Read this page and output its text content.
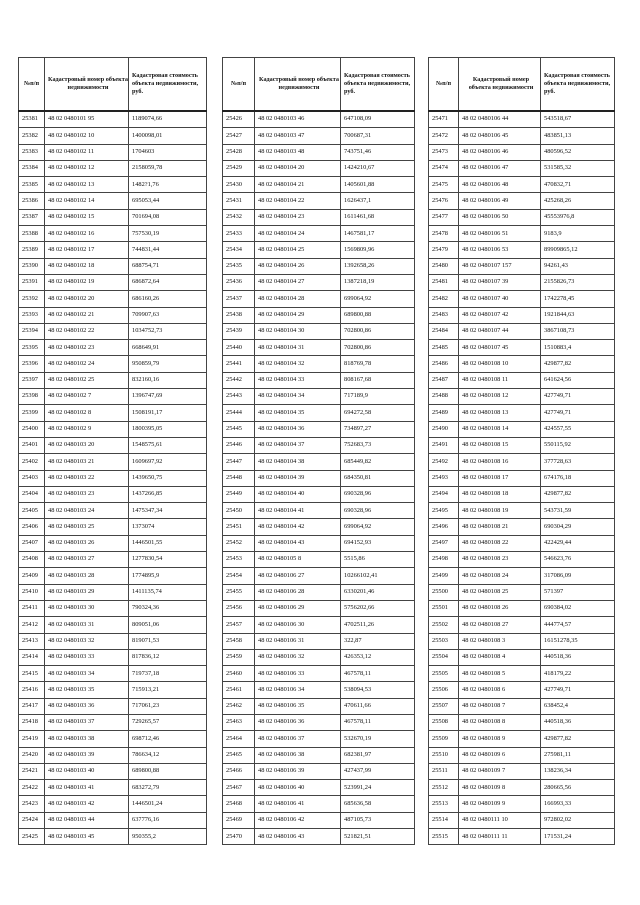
№п/п	Кадастровый номер объекта недвижимости	Кадастровая стоимость объекта недвижимости, руб.
25381	48 02 0480101 95	1189074,66
25382	48 02 0480102 10	1400098,01
25383	48 02 0480102 11	1704603
25384	48 02 0480102 12	2158059,78
25385	48 02 0480102 13	1482?1,76
25386	48 02 0480102 14	695053,44
25387	48 02 0480102 15	701694,08
25388	48 02 0480102 16	757530,19
25389	48 02 0480102 17	744831,44
25390	48 02 0480102 18	688754,71
25391	48 02 0480102 19	686872,64
25392	48 02 0480102 20	686160,26
25393	48 02 0480102 21	709907,63
25394	48 02 0480102 22	1034752,73
25395	48 02 0480102 23	668649,91
25396	48 02 0480102 24	950859,79
25397	48 02 0480102 25	832160,16
25398	48 02 0480102 7	1396747,69
25399	48 02 0480102 8	1508191,17
25400	48 02 0480102 9	1800395,05
25401	48 02 0480103 20	1548575,61
25402	48 02 0480103 21	1609697,92
25403	48 02 0480103 22	1439650,75
25404	48 02 0480103 23	1437266,85
25405	48 02 0480103 24	1475347,34
25406	48 02 0480103 25	1373074
25407	48 02 0480103 26	1446501,55
25408	48 02 0480103 27	1277830,54
25409	48 02 0480103 28	1774895,9
25410	48 02 0480103 29	1411135,74
25411	48 02 0480103 30	790324,36
25412	48 02 0480103 31	809051,06
25413	48 02 0480103 32	819071,53
25414	48 02 0480103 33	817836,12
25415	48 02 0480103 34	719737,18
25416	48 02 0480103 35	715913,21
25417	48 02 0480103 36	717061,23
25418	48 02 0480103 37	729265,57
25419	48 02 0480103 38	698712,46
25420	48 02 0480103 39	786634,12
25421	48 02 0480103 40	689800,88
25422	48 02 0480103 41	683272,79
25423	48 02 0480103 42	1446501,24
25424	48 02 0480103 44	637776,16
25425	48 02 0480103 45	950355,2
№п/п	Кадастровый номер объекта недвижимости	Кадастровая стоимость объекта недвижимости, руб.
25426	48 02 0480103 46	647108,09
25427	48 02 0480103 47	700687,31
25428	48 02 0480103 48	743751,46
25429	48 02 0480104 20	1424210,67
25430	48 02 0480104 21	1405601,88
25431	48 02 0480104 22	1626437,1
25432	48 02 0480104 23	1611461,68
25433	48 02 0480104 24	1467581,17
25434	48 02 0480104 25	1569809,96
25435	48 02 0480104 26	1392658,26
25436	48 02 0480104 27	1387218,19
25437	48 02 0480104 28	699064,92
25438	48 02 0480104 29	689800,88
25439	48 02 0480104 30	702800,86
25440	48 02 0480104 31	702800,86
25441	48 02 0480104 32	818769,78
25442	48 02 0480104 33	808167,68
25443	48 02 0480104 34	717189,9
25444	48 02 0480104 35	694272,58
25445	48 02 0480104 36	734897,27
25446	48 02 0480104 37	752683,73
25447	48 02 0480104 38	685449,82
25448	48 02 0480104 39	684350,81
25449	48 02 0480104 40	690328,96
25450	48 02 0480104 41	690328,96
25451	48 02 0480104 42	699064,92
25452	48 02 0480104 43	694152,93
25453	48 02 0480105 8	5515,86
25454	48 02 0480106 27	10266102,41
25455	48 02 0480106 28	6330201,46
25456	48 02 0480106 29	5756202,66
25457	48 02 0480106 30	4702511,26
25458	48 02 0480106 31	322,87
25459	48 02 0480106 32	426353,12
25460	48 02 0480106 33	467578,11
25461	48 02 0480106 34	538094,53
25462	48 02 0480106 35	470611,66
25463	48 02 0480106 36	467578,11
25464	48 02 0480106 37	532670,19
25465	48 02 0480106 38	682381,97
25466	48 02 0480106 39	427437,99
25467	48 02 0480106 40	523991,24
25468	48 02 0480106 41	685636,58
25469	48 02 0480106 42	487105,73
25470	48 02 0480106 43	521821,51
№п/п	Кадастровый номер объекта недвижимости	Кадастровая стоимость объекта недвижимости, руб.
25471	48 02 0480106 44	543518,67
25472	48 02 0480106 45	483851,13
25473	48 02 0480106 46	480596,52
25474	48 02 0480106 47	531585,32
25475	48 02 0480106 48	470832,71
25476	48 02 0480106 49	425268,26
25477	48 02 0480106 50	45553976,8
25478	48 02 0480106 51	9183,9
25479	48 02 0480106 53	89909865,12
25480	48 02 0480107 157	94261,43
25481	48 02 0480107 39	2155826,73
25482	48 02 0480107 40	1742278,45
25483	48 02 0480107 42	1921844,63
25484	48 02 0480107 44	3867108,73
25485	48 02 0480107 45	1510883,4
25486	48 02 0480108 10	429877,82
25487	48 02 0480108 11	641624,56
25488	48 02 0480108 12	427749,71
25489	48 02 0480108 13	427749,71
25490	48 02 0480108 14	424557,55
25491	48 02 0480108 15	550115,92
25492	48 02 0480108 16	377728,63
25493	48 02 0480108 17	674176,18
25494	48 02 0480108 18	429877,82
25495	48 02 0480108 19	543731,59
25496	48 02 0480108 21	690304,29
25497	48 02 0480108 22	422429,44
25498	48 02 0480108 23	546623,76
25499	48 02 0480108 24	317086,09
25500	48 02 0480108 25	571397
25501	48 02 0480108 26	690384,02
25502	48 02 0480108 27	444774,57
25503	48 02 0480108 3	16151278,35
25504	48 02 0480108 4	440518,36
25505	48 02 0480108 5	418179,22
25506	48 02 0480108 6	427749,71
25507	48 02 0480108 7	638452,4
25508	48 02 0480108 8	440518,36
25509	48 02 0480108 9	429877,82
25510	48 02 0480109 6	275981,11
25511	48 02 0480109 7	138236,34
25512	48 02 0480109 8	280665,56
25513	48 02 0480109 9	166993,33
25514	48 02 0480111 10	972802,02
25515	48 02 0480111 11	171531,24
